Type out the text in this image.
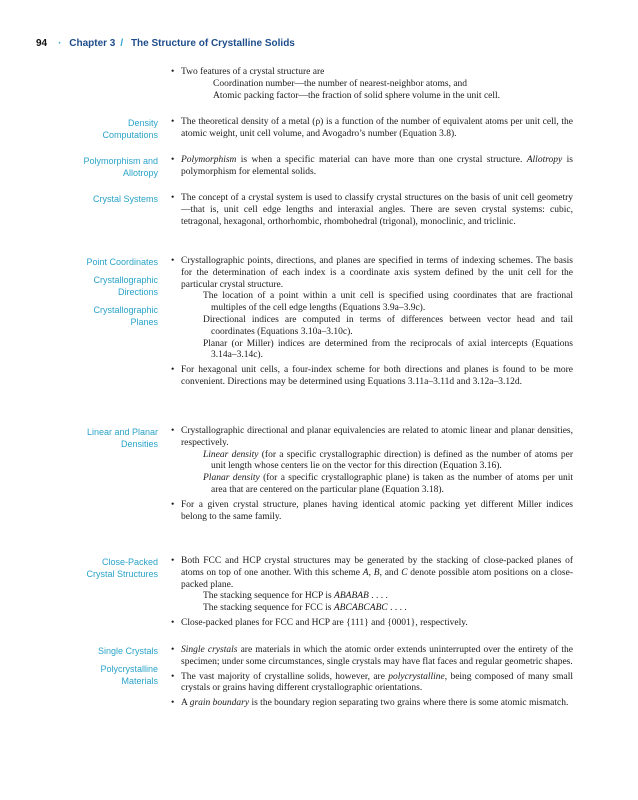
94 · Chapter 3 / The Structure of Crystalline Solids
• Two features of a crystal structure are
Coordination number—the number of nearest-neighbor atoms, and
Atomic packing factor—the fraction of solid sphere volume in the unit cell.
Density
Computations
• The theoretical density of a metal (ρ) is a function of the number of equivalent atoms per unit cell, the atomic weight, unit cell volume, and Avogadro’s number (Equation 3.8).
Polymorphism and
Allotropy
• Polymorphism is when a specific material can have more than one crystal structure. Allotropy is polymorphism for elemental solids.
Crystal Systems	• The concept of a crystal system is used to classify crystal structures on the basis of unit cell geometry—that is, unit cell edge lengths and interaxial angles. There are seven crystal systems: cubic, tetragonal, hexagonal, orthorhombic, rhombohedral (trigonal), monoclinic, and triclinic.
Point Coordinates
Crystallographic
Directions
Crystallographic
Planes
• Crystallographic points, directions, and planes are specified in terms of indexing schemes. The basis for the determination of each index is a coordinate axis system defined by the unit cell for the particular crystal structure.
The location of a point within a unit cell is specified using coordinates that are fractional multiples of the cell edge lengths (Equations 3.9a–3.9c).
Directional indices are computed in terms of differences between vector head and tail coordinates (Equations 3.10a–3.10c).
Planar (or Miller) indices are determined from the reciprocals of axial intercepts (Equations 3.14a–3.14c).
• For hexagonal unit cells, a four-index scheme for both directions and planes is found to be more convenient. Directions may be determined using Equations 3.11a–3.11d and 3.12a–3.12d.
Linear and Planar
Densities
• Crystallographic directional and planar equivalencies are related to atomic linear and planar densities, respectively.
Linear density (for a specific crystallographic direction) is defined as the number of atoms per unit length whose centers lie on the vector for this direction (Equation 3.16).
Planar density (for a specific crystallographic plane) is taken as the number of atoms per unit area that are centered on the particular plane (Equation 3.18).
• For a given crystal structure, planes having identical atomic packing yet different Miller indices belong to the same family.
Close-Packed
Crystal Structures
• Both FCC and HCP crystal structures may be generated by the stacking of close-packed planes of atoms on top of one another. With this scheme A, B, and C denote possible atom positions on a close-packed plane.
The stacking sequence for HCP is ABABAB . . . .
The stacking sequence for FCC is ABCABCABC . . . .
• Close-packed planes for FCC and HCP are {111} and {0001}, respectively.
Single Crystals
Polycrystalline
Materials
• Single crystals are materials in which the atomic order extends uninterrupted over the entirety of the specimen; under some circumstances, single crystals may have flat faces and regular geometric shapes.
• The vast majority of crystalline solids, however, are polycrystalline, being composed of many small crystals or grains having different crystallographic orientations.
• A grain boundary is the boundary region separating two grains where there is some atomic mismatch.
